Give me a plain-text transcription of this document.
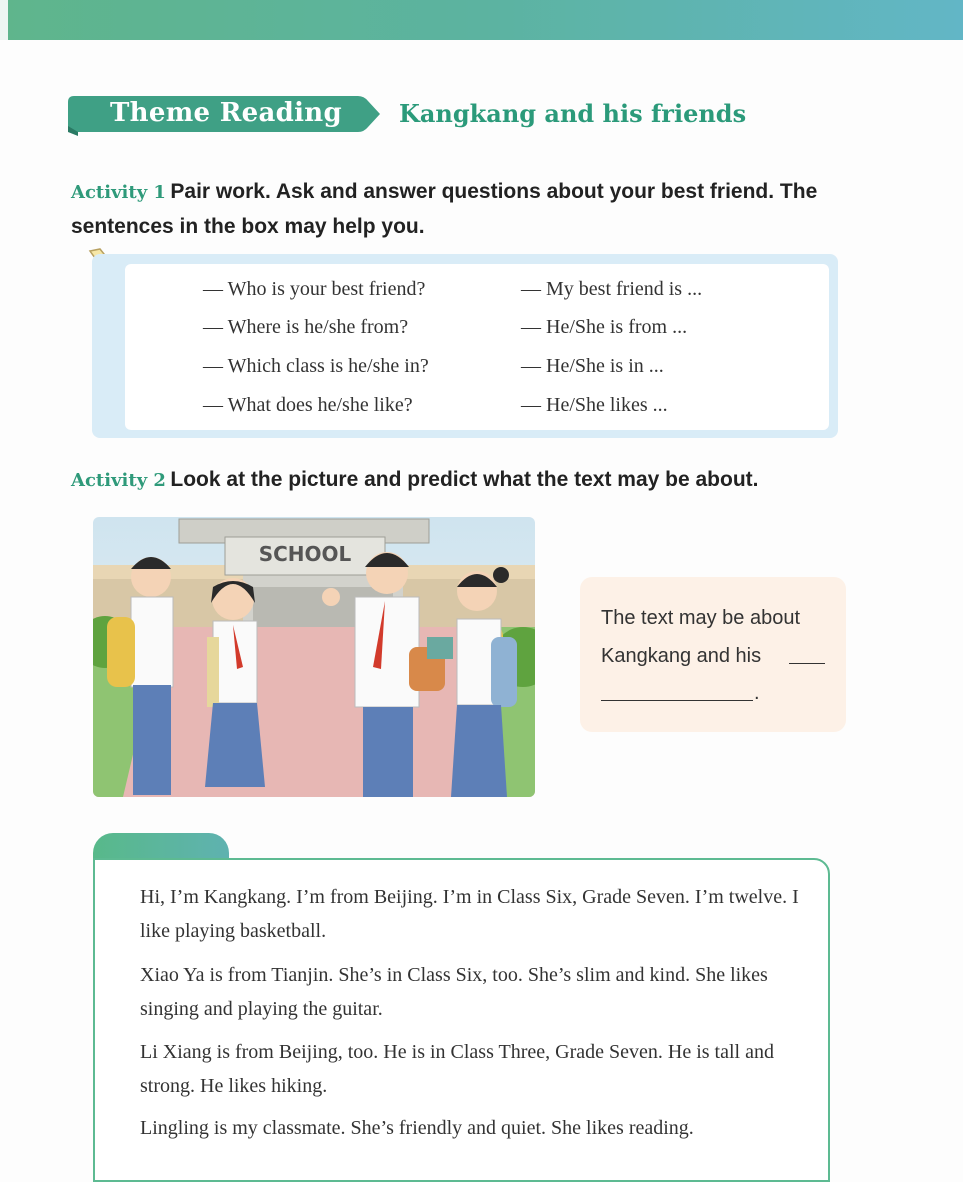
Theme Reading Kangkang and his friends
Activity 1 Pair work. Ask and answer questions about your best friend. The sentences in the box may help you.
— Who is your best friend?
— Where is he/she from?
— Which class is he/she in?
— What does he/she like?
— My best friend is ...
— He/She is from ...
— He/She is in ...
— He/She likes ...
Activity 2 Look at the picture and predict what the text may be about.
SCHOOL
The text may be about
Kangkang and his
.
Hi, I’m Kangkang. I’m from Beijing. I’m in Class Six, Grade Seven. I’m twelve. I like playing basketball.
Xiao Ya is from Tianjin. She’s in Class Six, too. She’s slim and kind. She likes singing and playing the guitar.
Li Xiang is from Beijing, too. He is in Class Three, Grade Seven. He is tall and strong. He likes hiking.
Lingling is my classmate. She’s friendly and quiet. She likes reading.
